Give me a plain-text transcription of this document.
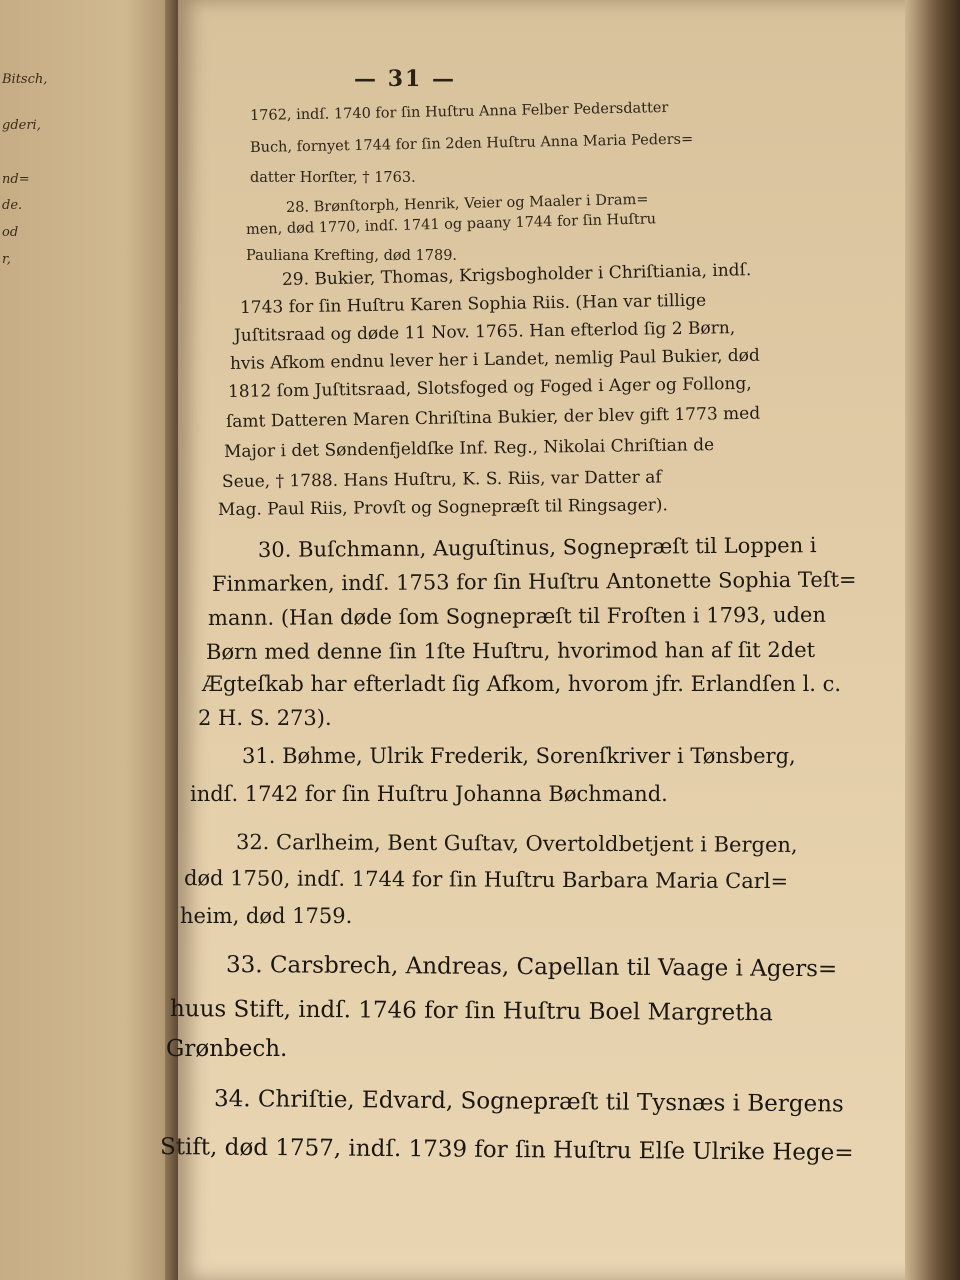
Bitsch,
gderi,
nd=
de.
od
r,
— 31 —
1762, indſ. 1740 for ſin Huſtru Anna Felber Pedersdatter
Buch, fornyet 1744 for ſin 2den Huſtru Anna Maria Peders=
datter Horſter, † 1763.
28. Brønſtorph, Henrik, Veier og Maaler i Dram=
men, død 1770, indſ. 1741 og paany 1744 for ſin Huſtru
Pauliana Krefting, død 1789.
29. Bukier, Thomas, Krigsbogholder i Chriſtiania, indſ.
1743 for ſin Huſtru Karen Sophia Riis. (Han var tillige
Juſtitsraad og døde 11 Nov. 1765. Han efterlod ſig 2 Børn,
hvis Afkom endnu lever her i Landet, nemlig Paul Bukier, død
1812 ſom Juſtitsraad, Slotsfoged og Foged i Ager og Follong,
ſamt Datteren Maren Chriſtina Bukier, der blev gift 1773 med
Major i det Søndenfjeldſke Inf. Reg., Nikolai Chriſtian de
Seue, † 1788. Hans Huſtru, K. S. Riis, var Datter af
Mag. Paul Riis, Provſt og Sognepræſt til Ringsager).
30. Buſchmann, Auguſtinus, Sognepræſt til Loppen i
Finmarken, indſ. 1753 for ſin Huſtru Antonette Sophia Teſt=
mann. (Han døde ſom Sognepræſt til Froſten i 1793, uden
Børn med denne ſin 1ſte Huſtru, hvorimod han af ſit 2det
Ægteſkab har efterladt ſig Afkom, hvorom jfr. Erlandſen l. c.
2 H. S. 273).
31. Bøhme, Ulrik Frederik, Sorenſkriver i Tønsberg,
indſ. 1742 for ſin Huſtru Johanna Bøchmand.
32. Carlheim, Bent Guſtav, Overtoldbetjent i Bergen,
død 1750, indſ. 1744 for ſin Huſtru Barbara Maria Carl=
heim, død 1759.
33. Carsbrech, Andreas, Capellan til Vaage i Agers=
huus Stift, indſ. 1746 for ſin Huſtru Boel Margretha
Grønbech.
34. Chriſtie, Edvard, Sognepræſt til Tysnæs i Bergens
Stift, død 1757, indſ. 1739 for ſin Huſtru Elſe Ulrike Hege=
